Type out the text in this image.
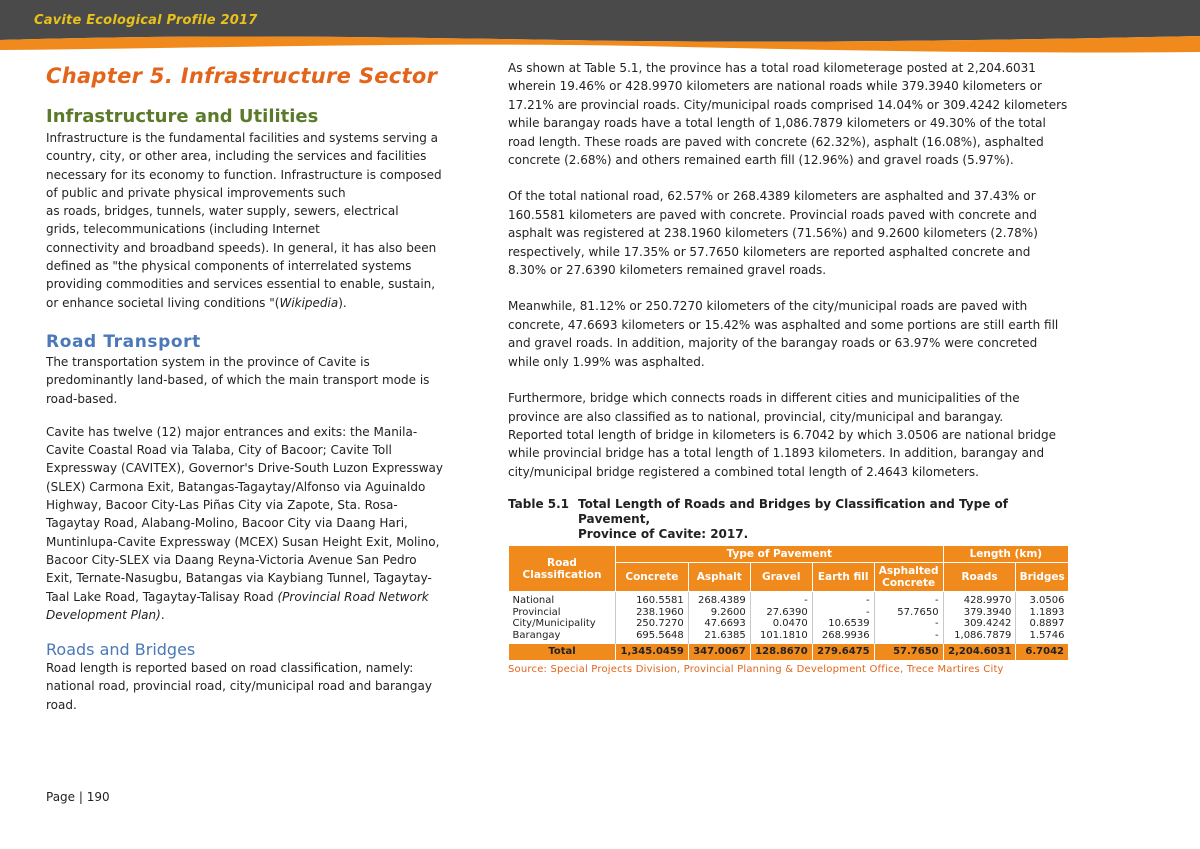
Cavite Ecological Profile 2017
Chapter 5. Infrastructure Sector
Infrastructure and Utilities

Infrastructure is the fundamental facilities and systems serving a
country, city, or other area, including the services and facilities
necessary for its economy to function. Infrastructure is composed
of public and private physical improvements such
as roads, bridges, tunnels, water supply, sewers, electrical
grids, telecommunications (including Internet
connectivity and broadband speeds). In general, it has also been
defined as "the physical components of interrelated systems
providing commodities and services essential to enable, sustain,
or enhance societal living conditions "(Wikipedia).

Road Transport

The transportation system in the province of Cavite is
predominantly land-based, of which the main transport mode is
road-based.

Cavite has twelve (12) major entrances and exits: the Manila-
Cavite Coastal Road via Talaba, City of Bacoor; Cavite Toll
Expressway (CAVITEX), Governor's Drive-South Luzon Expressway
(SLEX) Carmona Exit, Batangas-Tagaytay/Alfonso via Aguinaldo
Highway, Bacoor City-Las Piñas City via Zapote, Sta. Rosa-
Tagaytay Road, Alabang-Molino, Bacoor City via Daang Hari,
Muntinlupa-Cavite Expressway (MCEX) Susan Height Exit, Molino,
Bacoor City-SLEX via Daang Reyna-Victoria Avenue San Pedro
Exit, Ternate-Nasugbu, Batangas via Kaybiang Tunnel, Tagaytay-
Taal Lake Road, Tagaytay-Talisay Road (Provincial Road Network
Development Plan).

Roads and Bridges

Road length is reported based on road classification, namely:
national road, provincial road, city/municipal road and barangay
road.

Page | 190

As shown at Table 5.1, the province has a total road kilometerage posted at 2,204.6031
wherein 19.46% or 428.9970 kilometers are national roads while 379.3940 kilometers or
17.21% are provincial roads. City/municipal roads comprised 14.04% or 309.4242 kilometers
while barangay roads have a total length of 1,086.7879 kilometers or 49.30% of the total
road length. These roads are paved with concrete (62.32%), asphalt (16.08%), asphalted
concrete (2.68%) and others remained earth fill (12.96%) and gravel roads (5.97%).

Of the total national road, 62.57% or 268.4389 kilometers are asphalted and 37.43% or
160.5581 kilometers are paved with concrete. Provincial roads paved with concrete and
asphalt was registered at 238.1960 kilometers (71.56%) and 9.2600 kilometers (2.78%)
respectively, while 17.35% or 57.7650 kilometers are reported asphalted concrete and
8.30% or 27.6390 kilometers remained gravel roads.

Meanwhile, 81.12% or 250.7270 kilometers of the city/municipal roads are paved with
concrete, 47.6693 kilometers or 15.42% was asphalted and some portions are still earth fill
and gravel roads. In addition, majority of the barangay roads or 63.97% were concreted
while only 1.99% was asphalted.

Furthermore, bridge which connects roads in different cities and municipalities of the
province are also classified as to national, provincial, city/municipal and barangay.
Reported total length of bridge in kilometers is 6.7042 by which 3.0506 are national bridge
while provincial bridge has a total length of 1.1893 kilometers. In addition, barangay and
city/municipal bridge registered a combined total length of 2.4643 kilometers.

Table 5.1 Total Length of Roads and Bridges by Classification and Type of Pavement,
Province of Cavite: 2017.
Road Classification	Type of Pavement					Length (km)	
	Concrete	Asphalt	Gravel	Earth fill	Asphalted Concrete	Roads	Bridges
National	160.5581	268.4389	-	-	-	428.9970	3.0506
Provincial	238.1960	9.2600	27.6390	-	57.7650	379.3940	1.1893
City/Municipality	250.7270	47.6693	0.0470	10.6539	-	309.4242	0.8897
Barangay	695.5648	21.6385	101.1810	268.9936	-	1,086.7879	1.5746
Total	1,345.0459	347.0067	128.8670	279.6475	57.7650	2,204.6031	6.7042
Source: Special Projects Division, Provincial Planning & Development Office, Trece Martires City
